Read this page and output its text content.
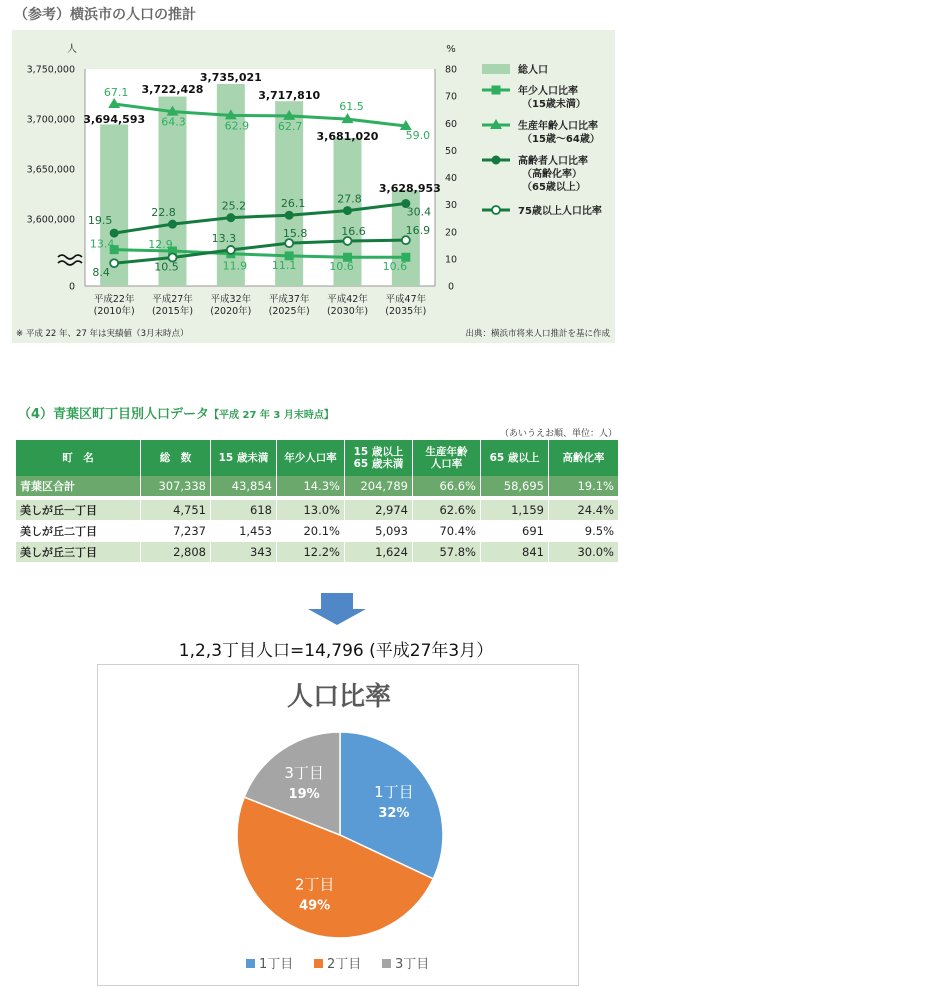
（参考）横浜市の人口の推計
人
3,750,000
3,700,000
3,650,000
3,600,000
0
%
80
70
60
50
40
30
20
10
0
3,694,593
3,722,428
3,735,021
3,717,810
3,681,020
3,628,953
平成22年(2010年)
平成27年(2015年)
平成32年(2020年)
平成37年(2025年)
平成42年(2030年)
平成47年(2035年)
13.4	12.9
11.9 11.1	10.6	10.6
67.1
64.3	62.9	62.7
61.5
59.0
19.5
22.8
25.2	26.1	27.8
30.4
8.4	10.5
13.3	15.8	16.6	16.9
総人口
年少人口比率（15歳未満）
生産年齢人口比率（15歳～64歳）
高齢者人口比率（高齢化率）（65歳以上）
75歳以上人口比率
※ 平成 22 年、27 年は実績値（3月末時点）	出典：横浜市将来人口推計を基に作成
（4）青葉区町丁目別人口データ【平成 27 年 3 月末時点】
（あいうえお順、単位：人）
町　名	総　数	15 歳未満	年少人口率	15 歳以上
65 歳未満	生産年齢
人口率	65 歳以上	高齢化率
青葉区合計	307,338	43,854	14.3%	204,789	66.6%	58,695	19.1%
美しが丘一丁目	4,751	618	13.0%	2,974	62.6%	1,159	24.4%
美しが丘二丁目	7,237	1,453	20.1%	5,093	70.4%	691	9.5%
美しが丘三丁目	2,808	343	12.2%	1,624	57.8%	841	30.0%
1,2,3丁目人口=14,796 (平成27年3月）
人口比率
1丁目
32%
2丁目
49%
3丁目
19%
1丁目	2丁目	3丁目
